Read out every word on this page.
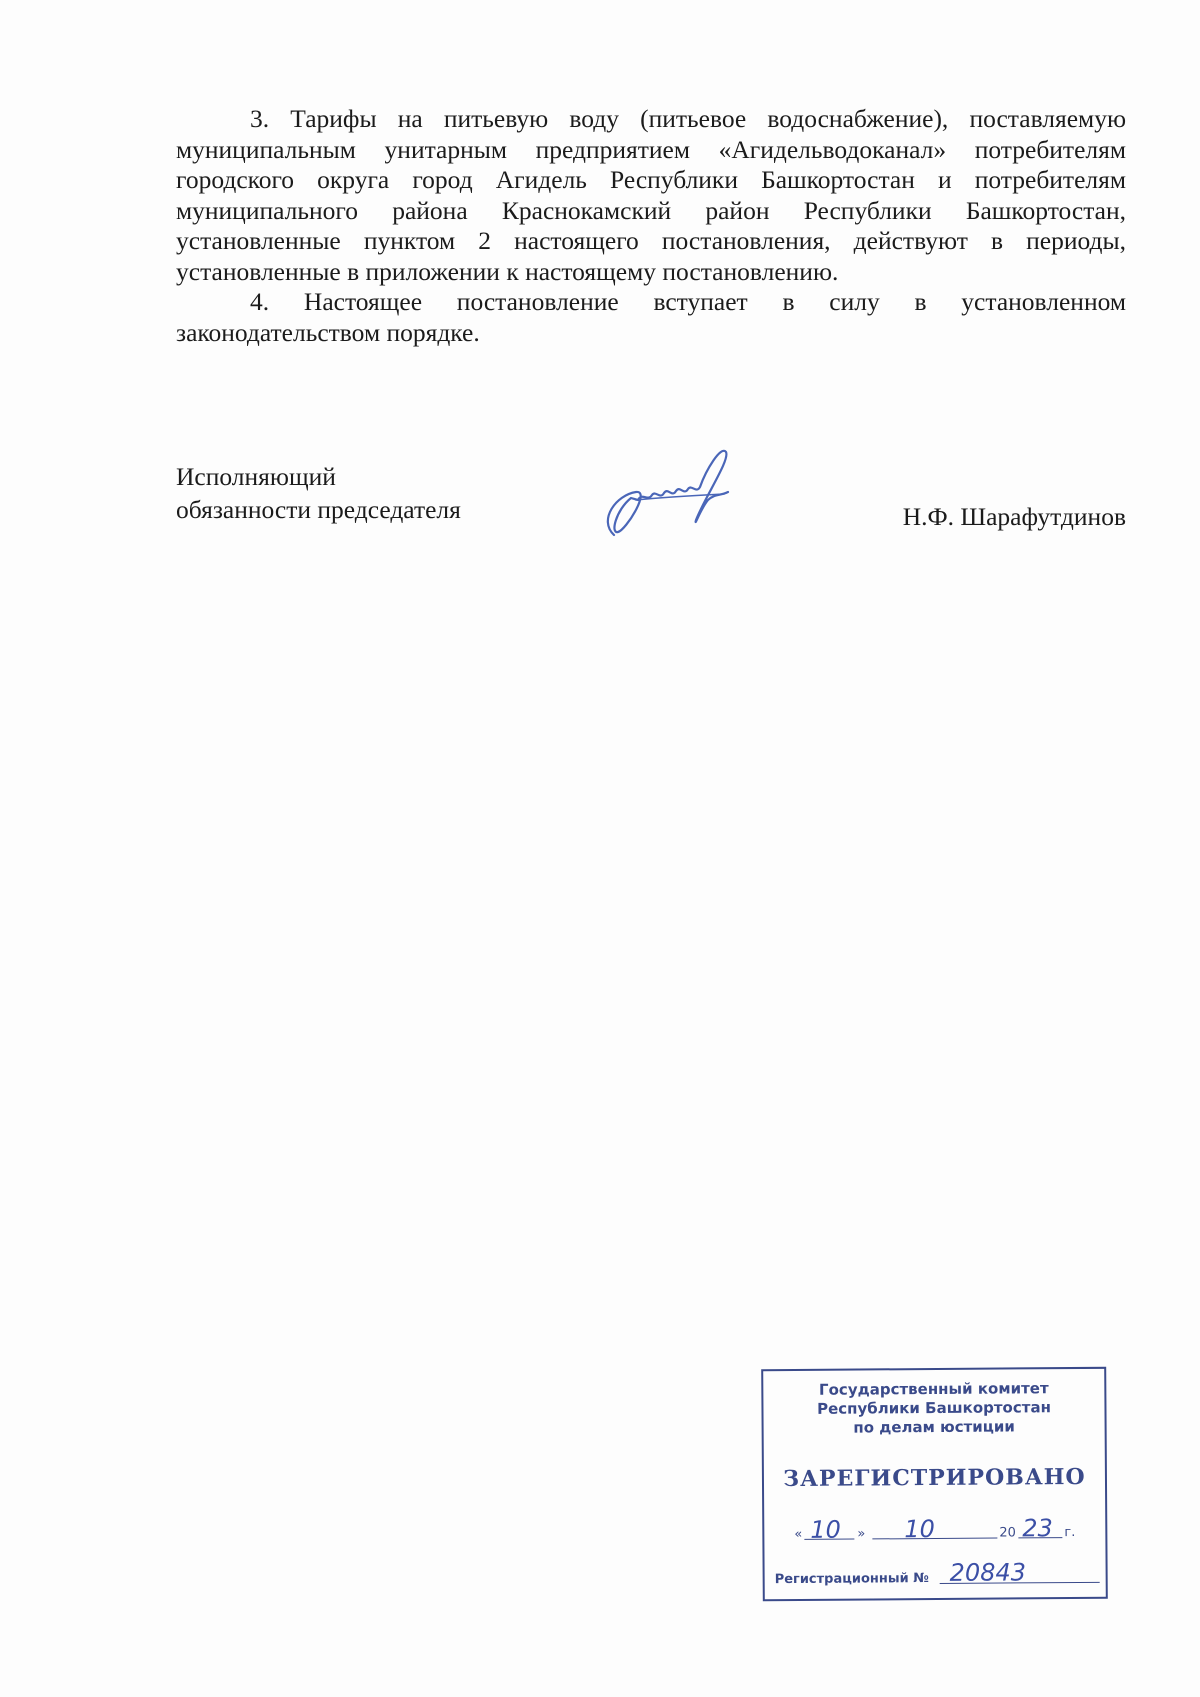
3. Тарифы на питьевую воду (питьевое водоснабжение), поставляемую муниципальным унитарным предприятием «Агидельводоканал» потребителям городского округа город Агидель Республики Башкортостан и потребителям муниципального района Краснокамский район Республики Башкортостан, установленные пунктом 2 настоящего постановления, действуют в периоды, установленные в приложении к настоящему постановлению.

4. Настоящее постановление вступает в силу в установленном законодательством порядке.

Исполняющий
обязанности председателя	Н.Ф. Шарафутдинов
Государственный комитет
Республики Башкортостан
по делам юстиции
ЗАРЕГИСТРИРОВАНО
« 10 » 10	20 23 г.
Регистрационный № 20843
